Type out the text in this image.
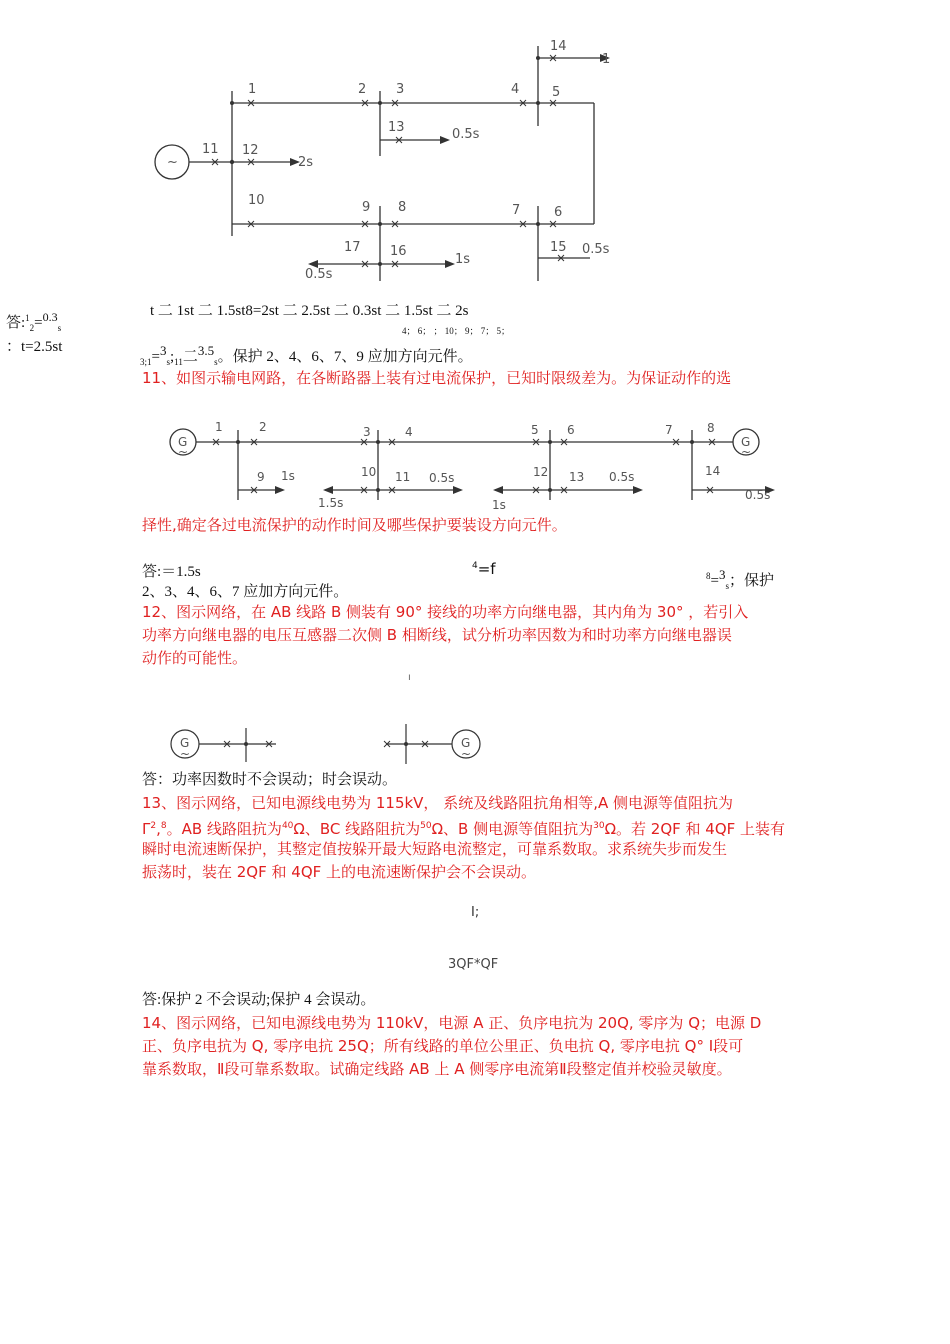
~
1	2 3	4	5
6
7
8
9
10
11 12
13
14
15
16
17
2s
0.5s
1
0.5s
1s
0.5s
答:$^1_2$=$^{0.3}_s$
：t=2.5st
t 二 1st 二 1.5st8=2st 二 2.5st 二 0.3st 二 1.5st 二 2s
4； 6； ； 10； 9； 7； 5；
$_{3;1}=^3_s;_{11}$二$^{3.5}_s$。保护 2、4、6、7、9 应加方向元件。
11、如图示输电网路，在各断路器上装有过电流保护，已知时限级差为。为保证动作的选
G
~
G
~
1	2	3	4	5 6	7	8
9	10 11	12 13	14
1s
1.5s
0.5s
1s
0.5s
0.5s
择性,确定各过电流保护的动作时间及哪些保护要装设方向元件。
答:＝1.5s	$^4$=f	$^8$=$^3_s$；保护
2、3、4、6、7 应加方向元件。
12、图示网络，在 AB 线路 B 侧装有 90° 接线的功率方向继电器，其内角为 30° ，若引入
功率方向继电器的电压互感器二次侧 B 相断线，试分析功率因数为和时功率方向继电器误
动作的可能性。
ı
G
~
G
~
答：功率因数时不会误动；时会误动。
13、图示网络，已知电源线电势为 115kV， 系统及线路阻抗角相等,A 侧电源等值阻抗为
$\Gamma^2,^8$。AB 线路阻抗为$^{40}$Ω、BC 线路阻抗为$^{50}$Ω、B 侧电源等值阻抗为$^{30}$Ω。若 2QF 和 4QF 上装有
瞬时电流速断保护，其整定值按躲开最大短路电流整定，可靠系数取。求系统失步而发生
振荡时，装在 2QF 和 4QF 上的电流速断保护会不会误动。
I;
3QF*QF
答:保护 2 不会误动;保护 4 会误动。
14、图示网络，已知电源线电势为 110kV，电源 A 正、负序电抗为 20Q, 零序为 Q；电源 D
正、负序电抗为 Q, 零序电抗 25Q；所有线路的单位公里正、负电抗 Q, 零序电抗 Q° Ⅰ段可
靠系数取，Ⅱ段可靠系数取。试确定线路 AB 上 A 侧零序电流第Ⅱ段整定值并校验灵敏度。
